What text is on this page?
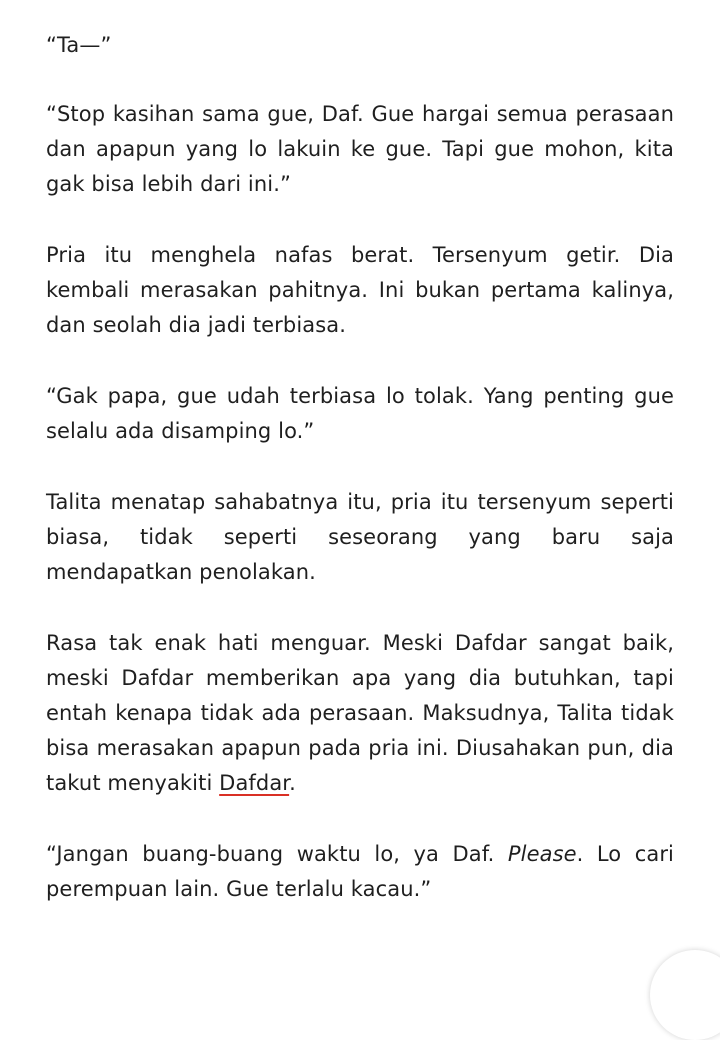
“Ta—”

“Stop kasihan sama gue, Daf. Gue hargai semua perasaan dan apapun yang lo lakuin ke gue. Tapi gue mohon, kita gak bisa lebih dari ini.”

Pria itu menghela nafas berat. Tersenyum getir. Dia kembali merasakan pahitnya. Ini bukan pertama kalinya, dan seolah dia jadi terbiasa.

“Gak papa, gue udah terbiasa lo tolak. Yang penting gue selalu ada disamping lo.”

Talita menatap sahabatnya itu, pria itu tersenyum seperti biasa, tidak seperti seseorang yang baru saja mendapatkan penolakan.

Rasa tak enak hati menguar. Meski Dafdar sangat baik, meski Dafdar memberikan apa yang dia butuhkan, tapi entah kenapa tidak ada perasaan. Maksudnya, Talita tidak bisa merasakan apapun pada pria ini. Diusahakan pun, dia takut menyakiti Dafdar.

“Jangan buang-buang waktu lo, ya Daf. Please. Lo cari perempuan lain. Gue terlalu kacau.”
